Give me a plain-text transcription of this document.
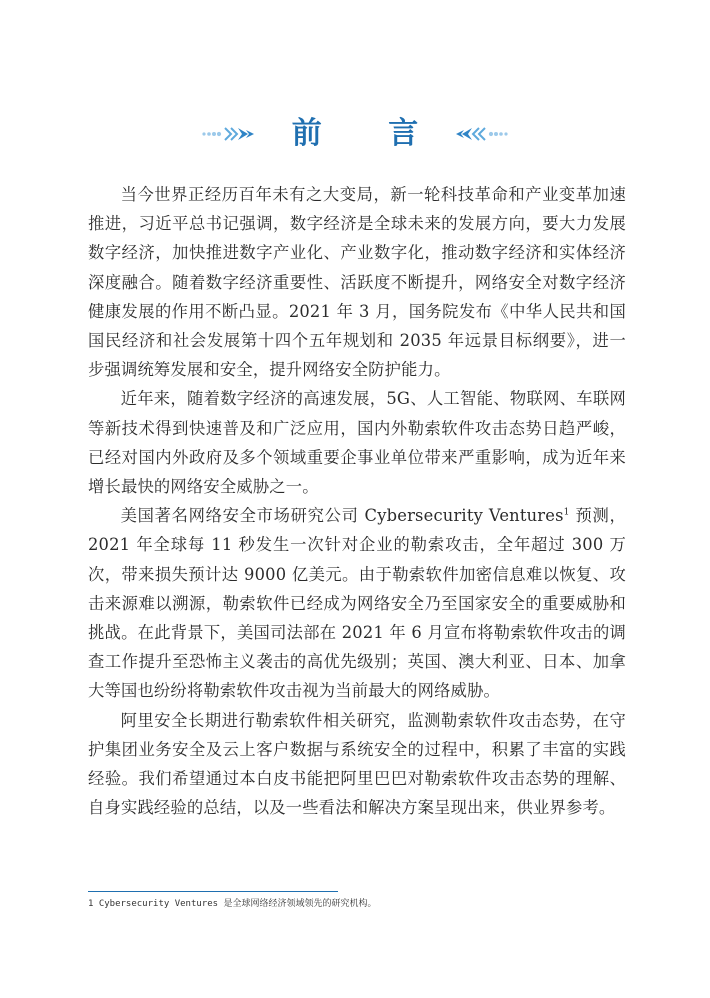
前 言

当今世界正经历百年未有之大变局，新一轮科技革命和产业变革加速推进，习近平总书记强调，数字经济是全球未来的发展方向，要大力发展数字经济，加快推进数字产业化、产业数字化，推动数字经济和实体经济深度融合。随着数字经济重要性、活跃度不断提升，网络安全对数字经济健康发展的作用不断凸显。2021 年 3 月，国务院发布《中华人民共和国国民经济和社会发展第十四个五年规划和 2035 年远景目标纲要》，进一步强调统筹发展和安全，提升网络安全防护能力。

近年来，随着数字经济的高速发展，5G、人工智能、物联网、车联网等新技术得到快速普及和广泛应用，国内外勒索软件攻击态势日趋严峻，已经对国内外政府及多个领域重要企事业单位带来严重影响，成为近年来增长最快的网络安全威胁之一。

美国著名网络安全市场研究公司 Cybersecurity Ventures$^1$ 预测，2021 年全球每 11 秒发生一次针对企业的勒索攻击，全年超过 300 万次，带来损失预计达 9000 亿美元。由于勒索软件加密信息难以恢复、攻击来源难以溯源，勒索软件已经成为网络安全乃至国家安全的重要威胁和挑战。在此背景下，美国司法部在 2021 年 6 月宣布将勒索软件攻击的调查工作提升至恐怖主义袭击的高优先级别；英国、澳大利亚、日本、加拿大等国也纷纷将勒索软件攻击视为当前最大的网络威胁。

阿里安全长期进行勒索软件相关研究，监测勒索软件攻击态势，在守护集团业务安全及云上客户数据与系统安全的过程中，积累了丰富的实践经验。我们希望通过本白皮书能把阿里巴巴对勒索软件攻击态势的理解、自身实践经验的总结，以及一些看法和解决方案呈现出来，供业界参考。

1 Cybersecurity Ventures 是全球网络经济领域领先的研究机构。
